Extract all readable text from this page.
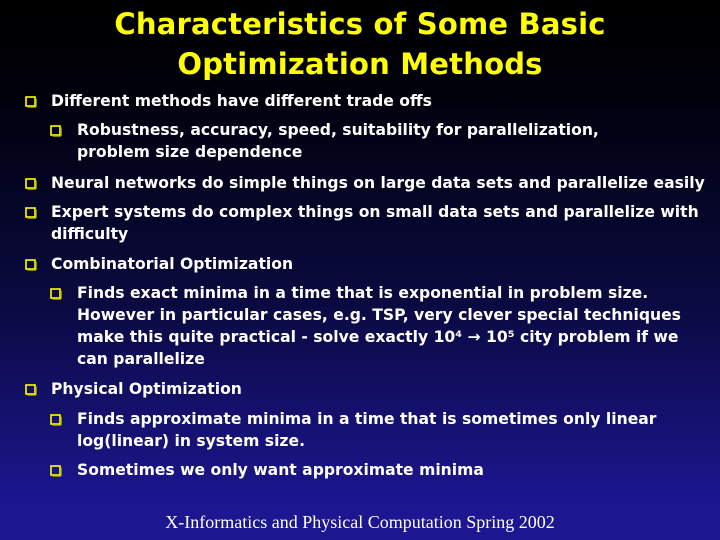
Characteristics of Some Basic
Optimization Methods
Different methods have different trade offs
Robustness, accuracy, speed, suitability for parallelization,
problem size dependence
Neural networks do simple things on large data sets and parallelize easily
Expert systems do complex things on small data sets and parallelize with
difficulty
Combinatorial Optimization
Finds exact minima in a time that is exponential in problem size.
However in particular cases, e.g. TSP, very clever special techniques
make this quite practical - solve exactly 10⁴ → 10⁵ city problem if we
can parallelize
Physical Optimization
Finds approximate minima in a time that is sometimes only linear
log(linear) in system size.
Sometimes we only want approximate minima
X-Informatics and Physical Computation Spring 2002
